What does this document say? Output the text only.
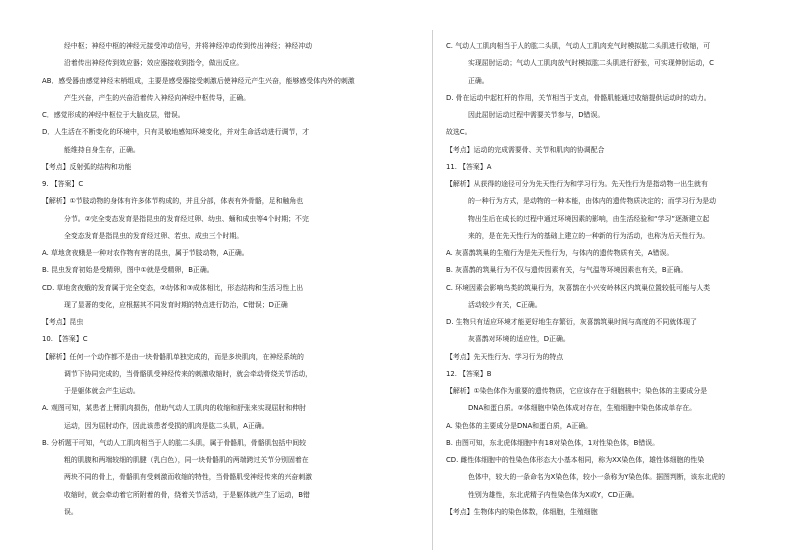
经中枢；神经中枢的神经元接受冲动信号，并将神经冲动传到传出神经；神经冲动
沿着传出神经传到效应器；效应器接收到指令，做出反应。
AB．感受器由感觉神经末梢组成，主要是感受器接受刺激后使神经元产生兴奋，能够感受体内外的刺激
产生兴奋，产生的兴奋沿着传入神经向神经中枢传导，正确。
C．感觉形成的神经中枢位于大脑皮层，错误。
D．人生活在不断变化的环境中，只有灵敏地感知环境变化，并对生命活动进行调节，才
能维持自身生存，正确。
【考点】反射弧的结构和功能
9. 【答案】C
【解析】①节肢动物的身体有许多体节构成的，并且分部，体表有外骨骼，足和触角也
分节。②完全变态发育是指昆虫的发育经过卵、幼虫、蛹和成虫等4个时期；不完
全变态发育是指昆虫的发育经过卵、若虫、成虫三个时期。
A. 草地贪夜蛾是一种对农作物有害的昆虫，属于节肢动物，A正确。
B. 昆虫发育初始是受精卵，图中①就是受精卵，B正确。
CD. 草地贪夜蛾的发育属于完全变态，②幼体和③成体相比，形态结构和生活习性上出
现了显著的变化，应根据其不同发育时期的特点进行防治，C错误；D正确
【考点】昆虫
10. 【答案】C
【解析】任何一个动作都不是由一块骨骼肌单独完成的，而是多块肌肉，在神经系统的
调节下协同完成的，当骨骼肌受神经传来的刺激收缩时，就会牵动骨绕关节活动，
于是躯体就会产生运动。
A. 观图可知，某患者上臂肌肉损伤，借助气动人工肌肉的收缩和舒张来实现屈肘和伸肘
运动，因为屈肘动作，因此该患者受损的肌肉是肱二头肌，A正确。
B. 分析题干可知，气动人工肌肉相当于人的肱二头肌，属于骨骼肌，骨骼肌包括中间较
粗的肌腹和两端较细的肌腱（乳白色），同一块骨骼肌的两端跨过关节分别固着在
两块不同的骨上，骨骼肌有受刺激而收缩的特性，当骨骼肌受神经传来的兴奋刺激
收缩时，就会牵动着它所附着的骨，绕着关节活动，于是躯体就产生了运动，B错
误。
C. 气动人工肌肉相当于人的肱二头肌，气动人工肌肉充气时模拟肱二头肌进行收缩，可
实现屈肘运动；气动人工肌肉放气时模拟肱二头肌进行舒张，可实现伸肘运动，C
正确。
D. 骨在运动中起杠杆的作用，关节相当于支点，骨骼肌能通过收缩提供运动时的动力。
因此屈肘运动过程中需要关节参与，D错误。
故选C。
【考点】运动的完成需要骨、关节和肌肉的协调配合
11. 【答案】A
【解析】从获得的途径可分为先天性行为和学习行为。先天性行为是指动物一出生就有
的一种行为方式，是动物的一种本能，由体内的遗传物质决定的；而学习行为是动
物出生后在成长的过程中通过环境因素的影响，由生活经验和“学习”逐渐建立起
来的，是在先天性行为的基础上建立的一种新的行为活动，也称为后天性行为。
A. 灰喜鹊筑巢的生殖行为是先天性行为，与体内的遗传物质有关，A错误。
B. 灰喜鹊的筑巢行为不仅与遗传因素有关，与气温等环境因素也有关，B正确。
C. 环境因素会影响鸟类的筑巢行为，灰喜鹊在小兴安岭林区内筑巢位置较低可能与人类
活动较少有关，C正确。
D. 生物只有适应环境才能更好地生存繁衍，灰喜鹊筑巢时间与高度的不同就体现了
灰喜鹊对环境的适应性，D正确。
【考点】先天性行为、学习行为的特点
12. 【答案】B
【解析】①染色体作为重要的遗传物质，它应该存在于细胞核中；染色体的主要成分是
DNA和蛋白质。②体细胞中染色体成对存在，生殖细胞中染色体成单存在。
A. 染色体的主要成分是DNA和蛋白质，A正确。
B. 由图可知，东北虎体细胞中有18对染色体，1对性染色体，B错误。
CD. 雌性体细胞中的性染色体形态大小基本相同，称为XX染色体，雄性体细胞的性染
色体中，较大的一条命名为X染色体，较小一条称为Y染色体。据图判断，该东北虎的
性别为雄性，东北虎精子内性染色体为X或Y，CD正确。
【考点】生物体内的染色体数，体细胞，生殖细胞
